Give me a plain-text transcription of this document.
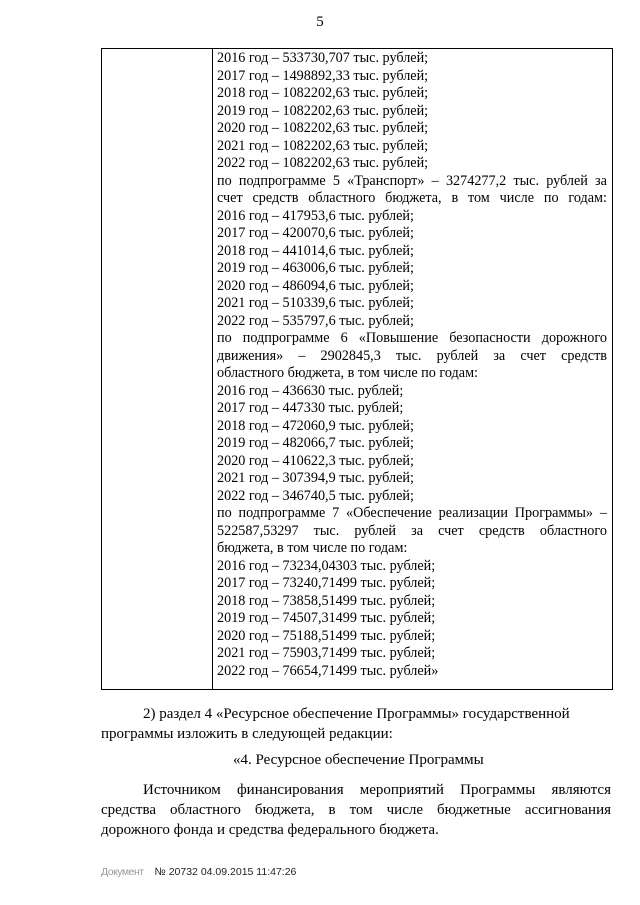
5
2016 год – 533730,707 тыс. рублей;
2017 год – 1498892,33 тыс. рублей;
2018 год – 1082202,63 тыс. рублей;
2019 год – 1082202,63 тыс. рублей;
2020 год – 1082202,63 тыс. рублей;
2021 год – 1082202,63 тыс. рублей;
2022 год – 1082202,63 тыс. рублей;
по подпрограмме 5 «Транспорт» – 3274277,2 тыс. рублей за
счет средств областного бюджета, в том числе по годам:
2016 год – 417953,6 тыс. рублей;
2017 год – 420070,6 тыс. рублей;
2018 год – 441014,6 тыс. рублей;
2019 год – 463006,6 тыс. рублей;
2020 год – 486094,6 тыс. рублей;
2021 год – 510339,6 тыс. рублей;
2022 год – 535797,6 тыс. рублей;
по подпрограмме 6 «Повышение безопасности дорожного
движения» – 2902845,3 тыс. рублей за счет средств
областного бюджета, в том числе по годам:
2016 год – 436630 тыс. рублей;
2017 год – 447330 тыс. рублей;
2018 год – 472060,9 тыс. рублей;
2019 год – 482066,7 тыс. рублей;
2020 год – 410622,3 тыс. рублей;
2021 год – 307394,9 тыс. рублей;
2022 год – 346740,5 тыс. рублей;
по подпрограмме 7 «Обеспечение реализации Программы» –
522587,53297 тыс. рублей за счет средств областного
бюджета, в том числе по годам:
2016 год – 73234,04303 тыс. рублей;
2017 год – 73240,71499 тыс. рублей;
2018 год – 73858,51499 тыс. рублей;
2019 год – 74507,31499 тыс. рублей;
2020 год – 75188,51499 тыс. рублей;
2021 год – 75903,71499 тыс. рублей;
2022 год – 76654,71499 тыс. рублей»
2) раздел 4 «Ресурсное обеспечение Программы» государственной
программы изложить в следующей редакции:
«4. Ресурсное обеспечение Программы
Источником финансирования мероприятий Программы являются
средства областного бюджета, в том числе бюджетные ассигнования
дорожного фонда и средства федерального бюджета.
Документ № 20732 04.09.2015 11:47:26
